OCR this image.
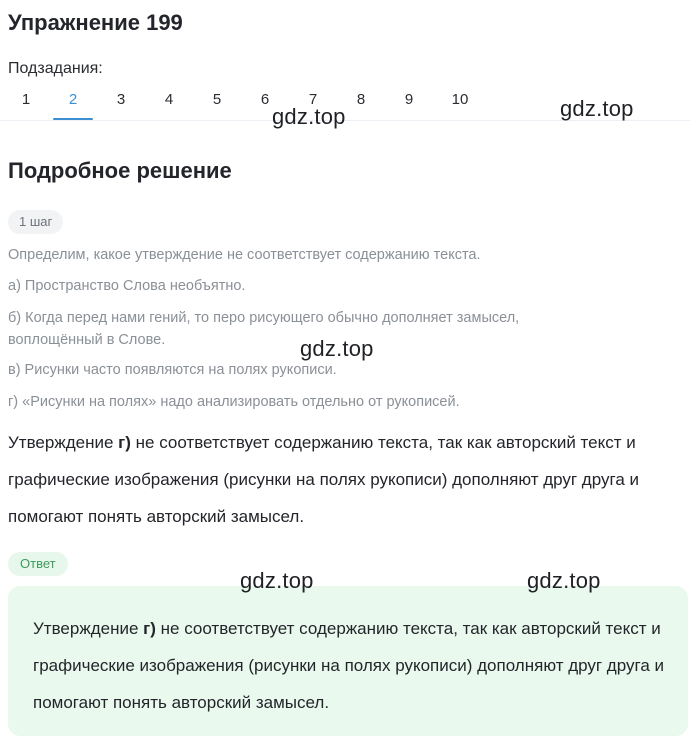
Упражнение 199
Подзадания:
1	2	3	4	5	6	7	8	9	10
Подробное решение
1 шаг
Определим, какое утверждение не соответствует содержанию текста.
а) Пространство Слова необъятно.
б) Когда перед нами гений, то перо рисующего обычно дополняет замысел, воплощённый в Слове.
в) Рисунки часто появляются на полях рукописи.
г) «Рисунки на полях» надо анализировать отдельно от рукописей.
Утверждение г) не соответствует содержанию текста, так как авторский текст и графические изображения (рисунки на полях рукописи) дополняют друг друга и помогают понять авторский замысел.
Ответ
Утверждение г) не соответствует содержанию текста, так как авторский текст и графические изображения (рисунки на полях рукописи) дополняют друг друга и помогают понять авторский замысел.
gdz.top	gdz.top
gdz.top
gdz.top	gdz.top
